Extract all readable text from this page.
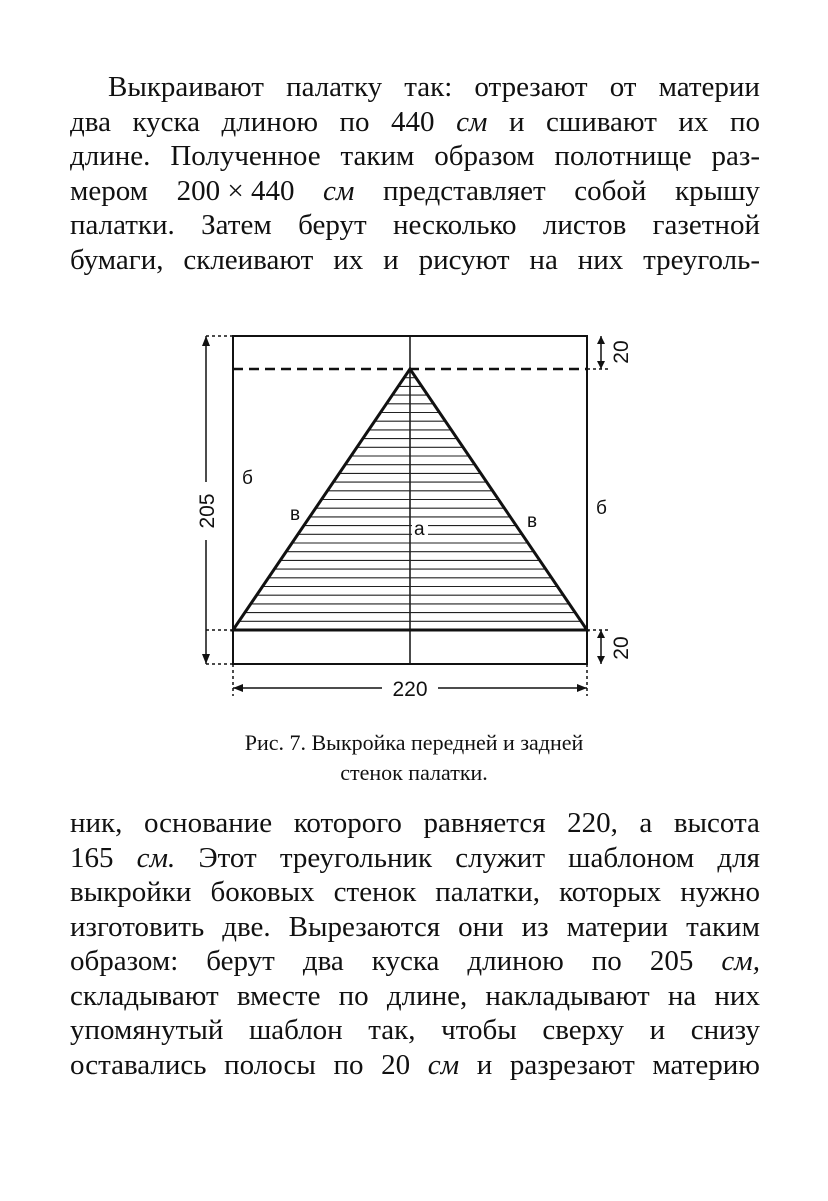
Выкраивают палатку так: отрезают от материи
два куска длиною по 440 см и сшивают их по
длине. Полученное таким образом полотнище раз-
мером 200 × 440 см представляет собой крышу
палатки. Затем берут несколько листов газетной
бумаги, склеивают их и рисуют на них треуголь-
205
220
20
20
б
б
в	в
а
Рис. 7. Выкройка передней и задней
стенок палатки.
ник, основание которого равняется 220, а высота
165 см. Этот треугольник служит шаблоном для
выкройки боковых стенок палатки, которых нужно
изготовить две. Вырезаются они из материи таким
образом: берут два куска длиною по 205 см,
складывают вместе по длине, накладывают на них
упомянутый шаблон так, чтобы сверху и снизу
оставались полосы по 20 см и разрезают материю
